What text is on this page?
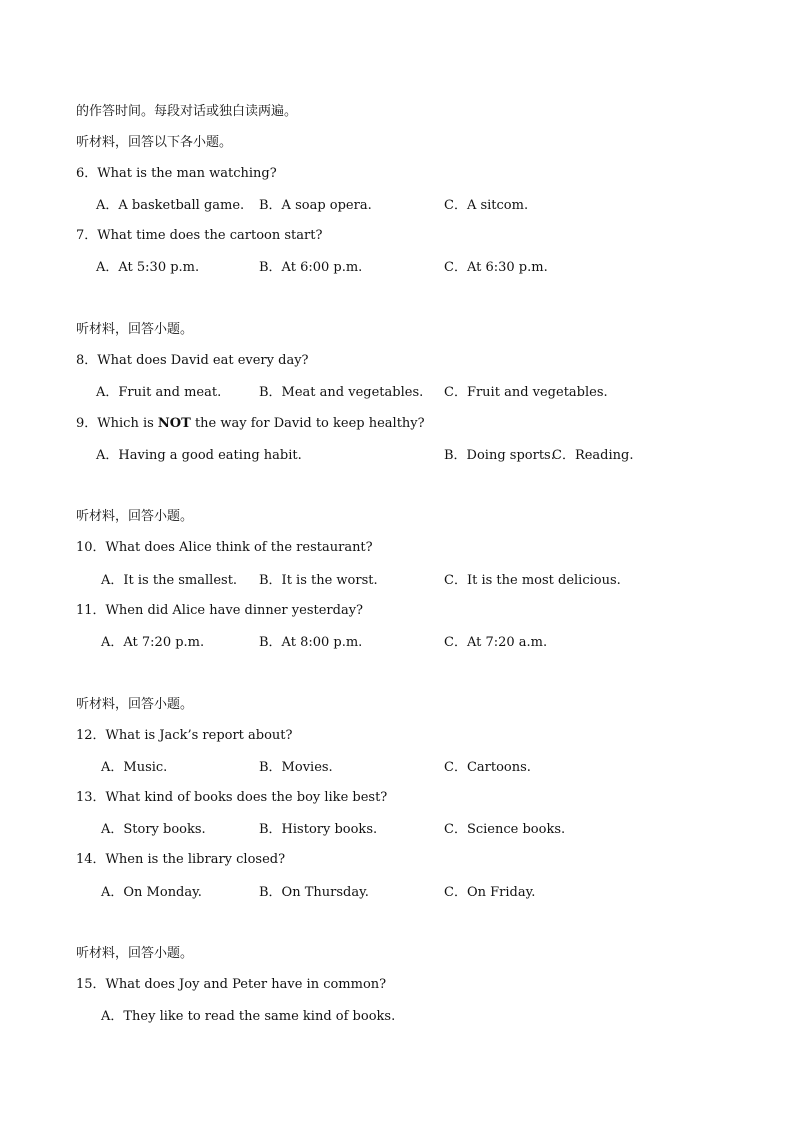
的作答时间。每段对话或独白读两遍。
听材料，回答以下各小题。
6．What is the man watching?
A．A basketball game. B．A soap opera.	C．A sitcom.
7．What time does the cartoon start?
A．At 5:30 p.m.	B．At 6:00 p.m.	C．At 6:30 p.m.
听材料，回答小题。
8．What does David eat every day?
A．Fruit and meat.	B．Meat and vegetables. C．Fruit and vegetables.
9．Which is NOT the way for David to keep healthy?
A．Having a good eating habit.	B．Doing sports.
C．Reading.
听材料，回答小题。
10．What does Alice think of the restaurant?
A．It is the smallest. B．It is the worst.	C．It is the most delicious.
11．When did Alice have dinner yesterday?
A．At 7:20 p.m.	B．At 8:00 p.m.	C．At 7:20 a.m.
听材料，回答小题。
12．What is Jack’s report about?
A．Music.	B．Movies.	C．Cartoons.
13．What kind of books does the boy like best?
A．Story books.	B．History books.	C．Science books.
14．When is the library closed?
A．On Monday.	B．On Thursday.	C．On Friday.
听材料，回答小题。
15．What does Joy and Peter have in common?
A．They like to read the same kind of books.
